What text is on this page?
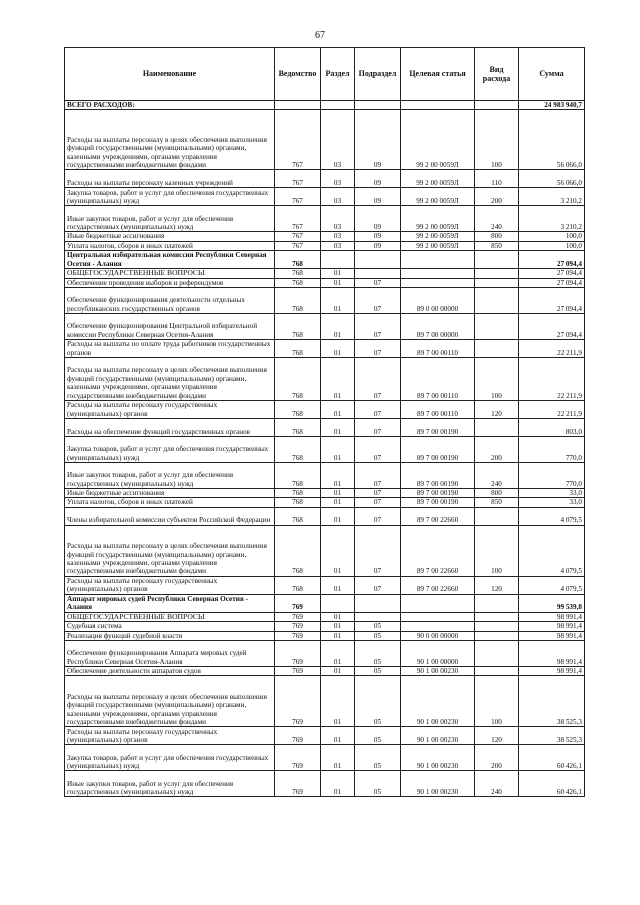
67
Наименование	Ведомство	Раздел	Подраздел	Целевая статья	Вид расхода	Сумма
ВСЕГО РАСХОДОВ:						24 983 940,7
Расходы на выплаты персоналу в целях обеспечения выполнения функций государственными (муниципальными) органами, казенными учреждениями, органами управления государственными внебюджетными фондами	767	03	09	99 2 00 0059Л	100	56 066,0
Расходы на выплаты персоналу казенных учреждений	767	03	09	99 2 00 0059Л	110	56 066,0
Закупка товаров, работ и услуг для обеспечения государственных (муниципальных) нужд	767	03	09	99 2 00 0059Л	200	3 210,2
Иные закупки товаров, работ и услуг для обеспечения государственных (муниципальных) нужд	767	03	09	99 2 00 0059Л	240	3 210,2
Иные бюджетные ассигнования	767	03	09	99 2 00 0059Л	800	100,0
Уплата налогов, сборов и иных платежей	767	03	09	99 2 00 0059Л	850	100,0
Центральная избирательная комиссия Республики Северная Осетия - Алания	768					27 094,4
ОБЩЕГОСУДАРСТВЕННЫЕ ВОПРОСЫ	768	01				27 094,4
Обеспечение проведения выборов и референдумов	768	01	07			27 094,4
Обеспечение функционирования деятельности отдельных республиканских государственных органов	768	01	07	89 0 00 00000		27 094,4
Обеспечение функционирования Центральной избирательной комиссии Республики Северная Осетия-Алания	768	01	07	89 7 00 00000		27 094,4
Расходы на выплаты по оплате труда работников государственных органов	768	01	07	89 7 00 00110		22 211,9
Расходы на выплаты персоналу в целях обеспечения выполнения функций государственными (муниципальными) органами, казенными учреждениями, органами управления государственными внебюджетными фондами	768	01	07	89 7 00 00110	100	22 211,9
Расходы на выплаты персоналу государственных (муниципальных) органов	768	01	07	89 7 00 00110	120	22 211,9
Расходы на обеспечение функций государственных органов	768	01	07	89 7 00 00190		803,0
Закупка товаров, работ и услуг для обеспечения государственных (муниципальных) нужд	768	01	07	89 7 00 00190	200	770,0
Иные закупки товаров, работ и услуг для обеспечения государственных (муниципальных) нужд	768	01	07	89 7 00 00190	240	770,0
Иные бюджетные ассигнования	768	01	07	89 7 00 00190	800	33,0
Уплата налогов, сборов и иных платежей	768	01	07	89 7 00 00190	850	33,0
Члены избирательной комиссии субъектов Российской Федерации	768	01	07	89 7 00 22660		4 079,5
Расходы на выплаты персоналу в целях обеспечения выполнения функций государственными (муниципальными) органами, казенными учреждениями, органами управления государственными внебюджетными фондами	768	01	07	89 7 00 22660	100	4 079,5
Расходы на выплаты персоналу государственных (муниципальных) органов	768	01	07	89 7 00 22660	120	4 079,5
Аппарат мировых судей Республики Северная Осетия - Алания	769					99 539,8
ОБЩЕГОСУДАРСТВЕННЫЕ ВОПРОСЫ	769	01				98 991,4
Судебная система	769	01	05			98 991,4
Реализация функций судебной власти	769	01	05	90 0 00 00000		98 991,4
Обеспечение функционирования Аппарата мировых судей Республики Северная Осетия-Алания	769	01	05	90 1 00 00000		98 991,4
Обеспечение деятельности аппаратов судов	769	01	05	90 1 00 00230		98 991,4
Расходы на выплаты персоналу в целях обеспечения выполнения функций государственными (муниципальными) органами, казенными учреждениями, органами управления государственными внебюджетными фондами	769	01	05	90 1 00 00230	100	38 525,3
Расходы на выплаты персоналу государственных (муниципальных) органов	769	01	05	90 1 00 00230	120	38 525,3
Закупка товаров, работ и услуг для обеспечения государственных (муниципальных) нужд	769	01	05	90 1 00 00230	200	60 426,1
Иные закупки товаров, работ и услуг для обеспечения государственных (муниципальных) нужд	769	01	05	90 1 00 00230	240	60 426,1
